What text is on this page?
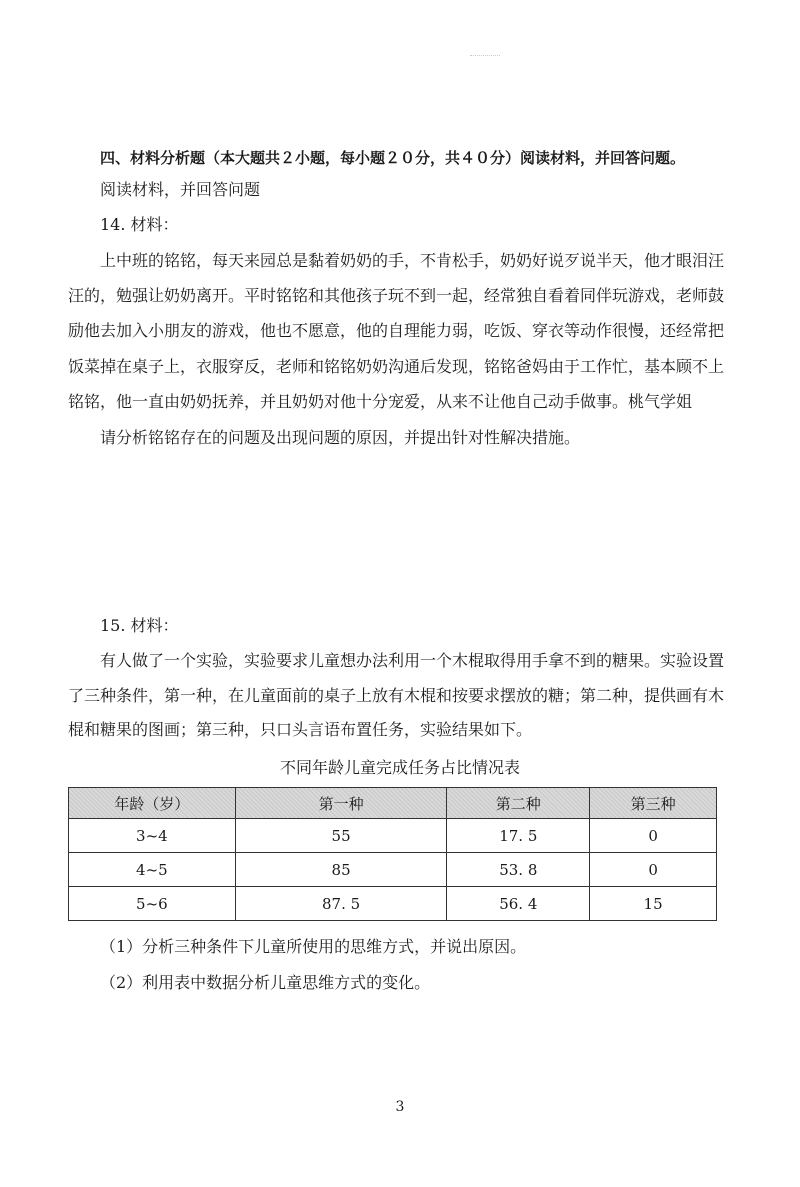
四、材料分析题（本大题共２小题，每小题２０分，共４０分）阅读材料，并回答问题。
阅读材料，并回答问题
14. 材料：
上中班的铭铭，每天来园总是黏着奶奶的手，不肯松手，奶奶好说歹说半天，他才眼泪汪
汪的，勉强让奶奶离开。平时铭铭和其他孩子玩不到一起，经常独自看着同伴玩游戏，老师鼓
励他去加入小朋友的游戏，他也不愿意，他的自理能力弱，吃饭、穿衣等动作很慢，还经常把
饭菜掉在桌子上，衣服穿反，老师和铭铭奶奶沟通后发现，铭铭爸妈由于工作忙，基本顾不上
铭铭，他一直由奶奶抚养，并且奶奶对他十分宠爱，从来不让他自己动手做事。桃气学姐
请分析铭铭存在的问题及出现问题的原因，并提出针对性解决措施。
15. 材料：
有人做了一个实验，实验要求儿童想办法利用一个木棍取得用手拿不到的糖果。实验设置
了三种条件，第一种，在儿童面前的桌子上放有木棍和按要求摆放的糖；第二种，提供画有木
棍和糖果的图画；第三种，只口头言语布置任务，实验结果如下。
不同年龄儿童完成任务占比情况表
年龄（岁）	第一种	第二种	第三种
3~4	55	17. 5	0
4~5	85	53. 8	0
5~6	87. 5	56. 4	15
（1）分析三种条件下儿童所使用的思维方式，并说出原因。
（2）利用表中数据分析儿童思维方式的变化。
3
